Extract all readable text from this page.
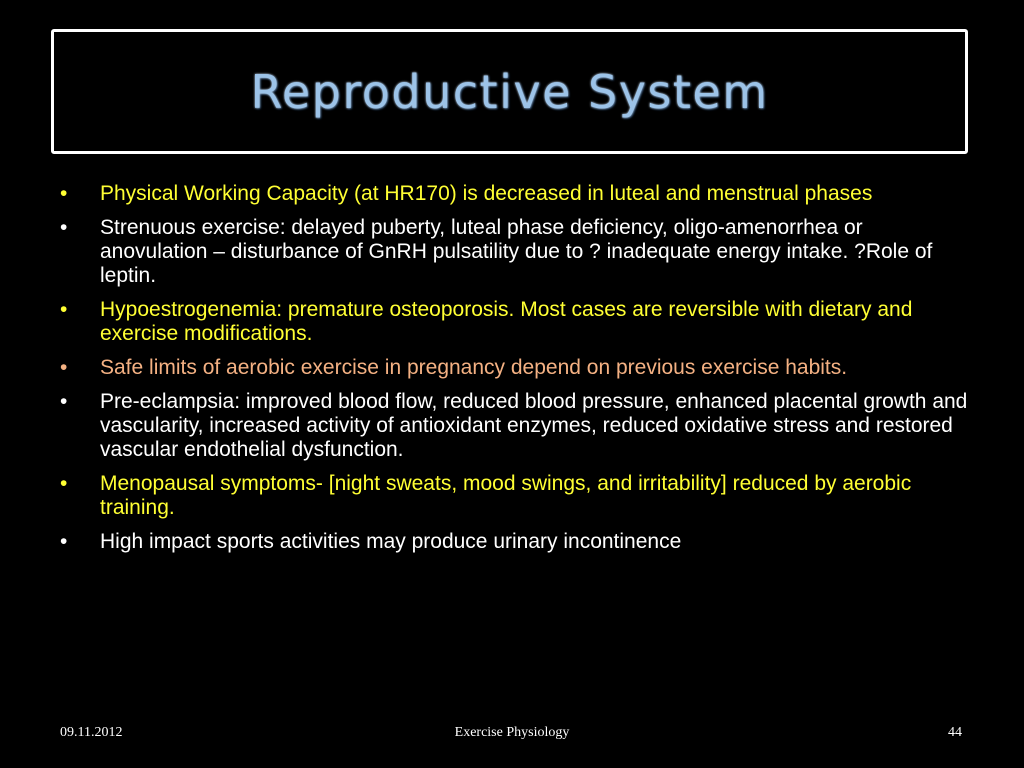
Reproductive System
•	Physical Working Capacity (at HR170) is decreased in luteal and menstrual phases
•	Strenuous exercise: delayed puberty, luteal phase deficiency, oligo-amenorrhea or anovulation – disturbance of GnRH pulsatility due to ? inadequate energy intake. ?Role of leptin.
•	Hypoestrogenemia: premature osteoporosis. Most cases are reversible with dietary and exercise modifications.
•	Safe limits of aerobic exercise in pregnancy depend on previous exercise habits.
•	Pre-eclampsia: improved blood flow, reduced blood pressure, enhanced placental growth and vascularity, increased activity of antioxidant enzymes, reduced oxidative stress and restored vascular endothelial dysfunction.
•	Menopausal symptoms- [night sweats, mood swings, and irritability] reduced by aerobic training.
•	High impact sports activities may produce urinary incontinence
09.11.2012	Exercise Physiology	44
